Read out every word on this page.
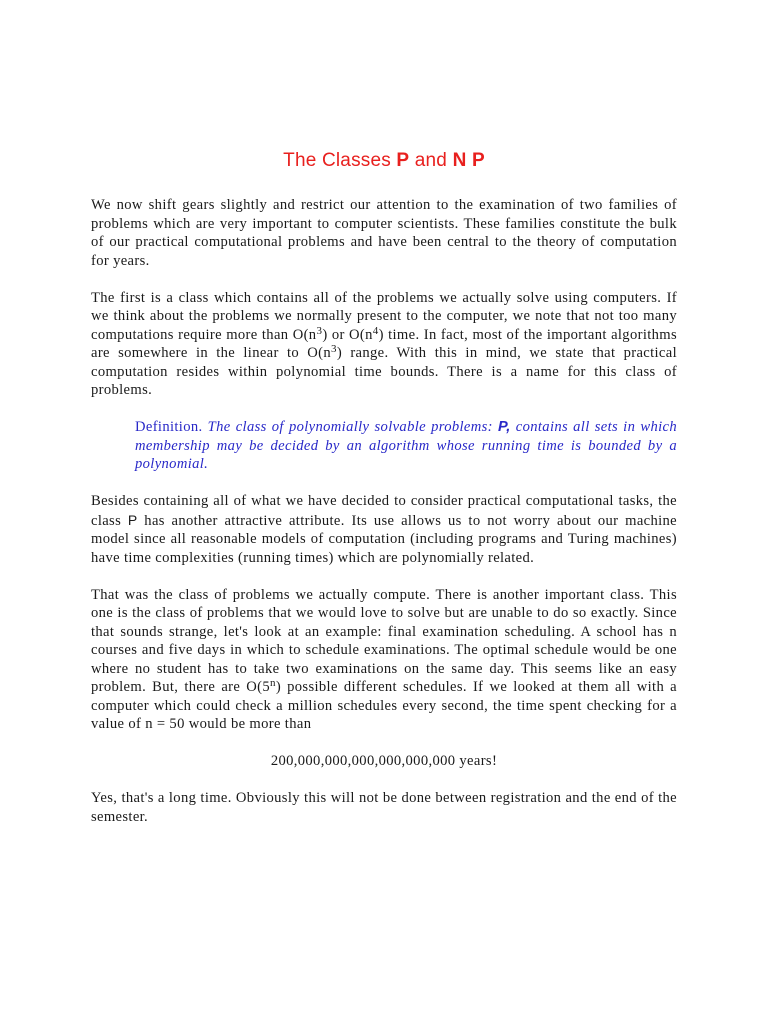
The Classes P and N P

We now shift gears slightly and restrict our attention to the examination of two families of problems which are very important to computer scientists. These families constitute the bulk of our practical computational problems and have been central to the theory of computation for years.

The first is a class which contains all of the problems we actually solve using computers. If we think about the problems we normally present to the computer, we note that not too many computations require more than $O(n^3)$ or $O(n^4)$ time. In fact, most of the important algorithms are somewhere in the linear to $O(n^3)$ range. With this in mind, we state that practical computation resides within polynomial time bounds. There is a name for this class of problems.

Definition. The class of polynomially solvable problems: P, contains all sets in which membership may be decided by an algorithm whose running time is bounded by a polynomial.

Besides containing all of what we have decided to consider practical computational tasks, the class P has another attractive attribute. Its use allows us to not worry about our machine model since all reasonable models of computation (including programs and Turing machines) have time complexities (running times) which are polynomially related.

That was the class of problems we actually compute. There is another important class. This one is the class of problems that we would love to solve but are unable to do so exactly. Since that sounds strange, let's look at an example: final examination scheduling. A school has n courses and five days in which to schedule examinations. The optimal schedule would be one where no student has to take two examinations on the same day. This seems like an easy problem. But, there are O(5$^n$) possible different schedules. If we looked at them all with a computer which could check a million schedules every second, the time spent checking for a value of n = 50 would be more than

200,000,000,000,000,000,000 years!

Yes, that's a long time. Obviously this will not be done between registration and the end of the semester.
